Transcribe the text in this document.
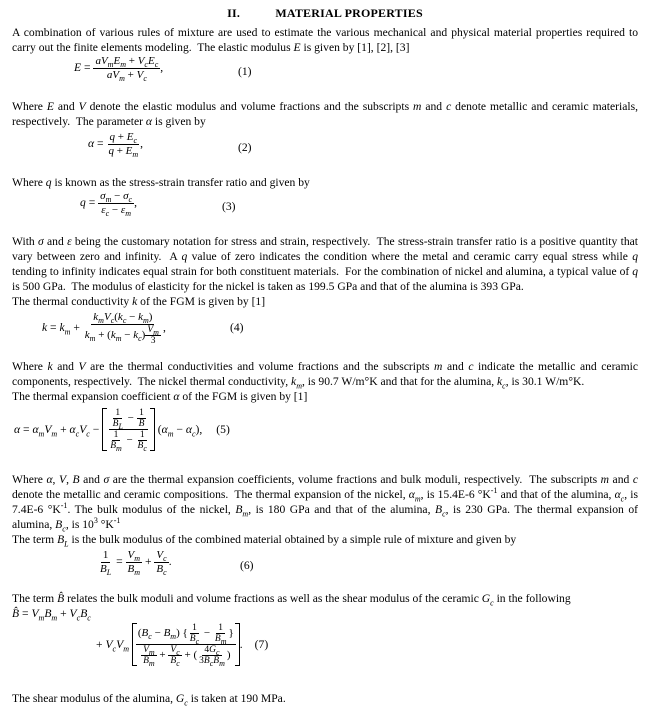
II.	MATERIAL PROPERTIES

A combination of various rules of mixture are used to estimate the various mechanical and physical material properties required to carry out the finite elements modeling.  The elastic modulus E is given by [1], [2], [3]

$E = \frac{aV_mE_m + V_cE_c}{aV_m + V_c}$ ,	(1)

Where E and V denote the elastic modulus and volume fractions and the subscripts m and c denote metallic and ceramic materials, respectively.  The parameter α is given by

$\alpha = \frac{q + E_c}{q + E_m}$ ,	(2)

Where q is known as the stress-strain transfer ratio and given by

$q = \frac{\sigma_m - \sigma_c}{\varepsilon_c - \varepsilon_m}$ ,	(3)

With σ and ε being the customary notation for stress and strain, respectively.  The stress-strain transfer ratio is a positive quantity that vary between zero and infinity.  A q value of zero indicates the condition where the metal and ceramic carry equal stress while q tending to infinity indicates equal strain for both constituent materials.  For the combination of nickel and alumina, a typical value of q is 500 GPa.  The modulus of elasticity for the nickel is taken as 199.5 GPa and that of the alumina is 393 GPa.

The thermal conductivity k of the FGM is given by [1]

$k = k_m + \frac{k_mV_c(k_c - k_m)}{k_m + (k_m - k_c) \frac{V_m}{3}}$ ,	(4)

Where k and V are the thermal conductivities and volume fractions and the subscripts m and c indicate the metallic and ceramic components, respectively.  The nickel thermal conductivity, $k_m$, is 90.7 W/m°K and that for the alumina, $k_c$, is 30.1 W/m°K.

The thermal expansion coefficient α of the FGM is given by [1]

$\alpha = \alpha_mV_m + \alpha_cV_c - \frac{\frac{1}{B_L} - \frac{1}{B̂}}{\frac{1}{B_m} - \frac{1}{B_c}} (\alpha_m - \alpha_c)$, (5)

Where α, V, B and σ are the thermal expansion coefficients, volume fractions and bulk moduli, respectively.  The subscripts m and c denote the metallic and ceramic compositions.  The thermal expansion of the nickel, $\alpha_m$, is 15.4E-6 $^\circ K^{-1}$ and that of the alumina, $\alpha_c$, is 7.4E-6 $^\circ K^{-1}$. The bulk modulus of the nickel, $B_m$, is 180 GPa and that of the alumina, $B_c$, is 230 GPa. The thermal expansion of alumina, $B_c$, is $10^3$ $^\circ K^{-1}$

The term $B_L$ is the bulk modulus of the combined material obtained by a simple rule of mixture and given by

$\frac{1}{B_L} = \frac{V_m}{B_m} + \frac{V_c}{B_c}$ .	(6)

The term B̂ relates the bulk moduli and volume fractions as well as the shear modulus of the ceramic $G_c$ in the following

B̂ = $V_mB_m + V_cB_c$

+ $V_cV_m \frac{(B_c - B_m) \{ \frac{1}{B_c} - \frac{1}{B_m} \}}{\frac{V_m}{B_m} + \frac{V_c}{B_c} + ( \frac{4G_c}{3B_cB_m} )}$ . (7)

The shear modulus of the alumina, $G_c$ is taken at 190 MPa.
